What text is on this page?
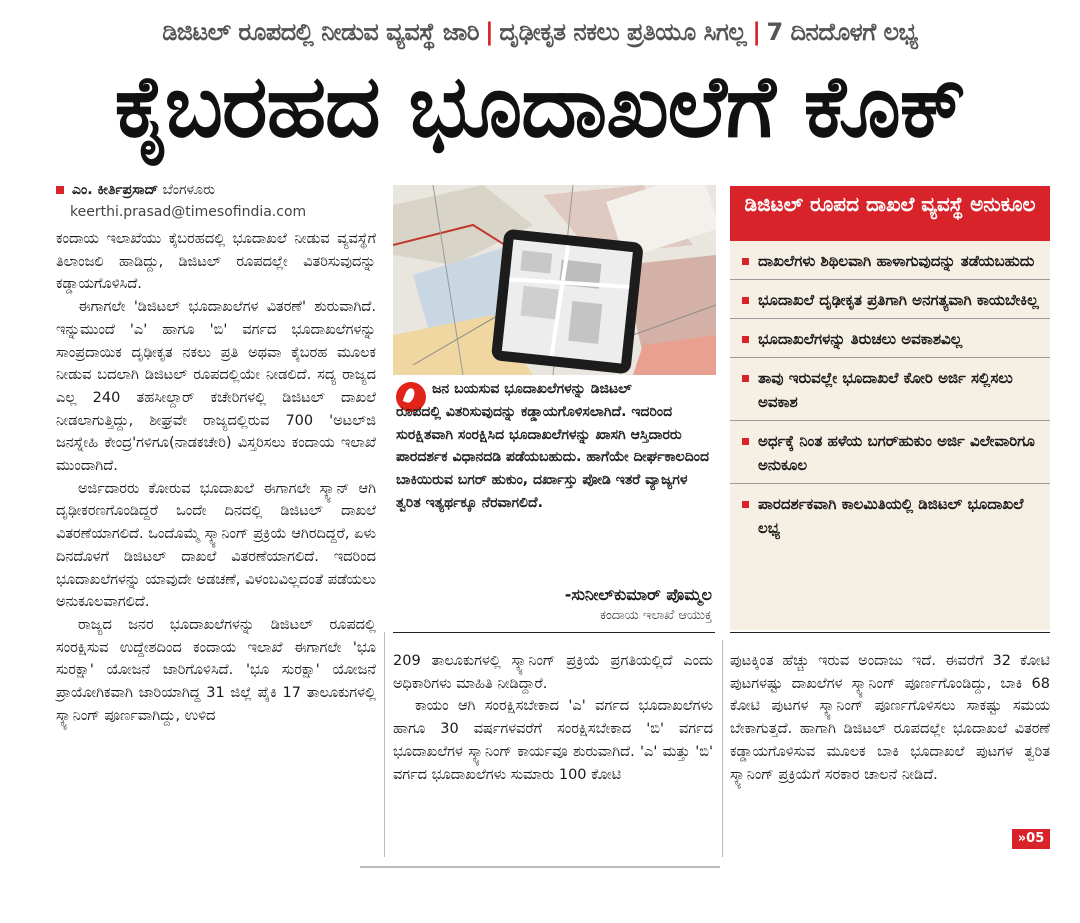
ಡಿಜಿಟಲ್ ರೂಪದಲ್ಲಿ ನೀಡುವ ವ್ಯವಸ್ಥೆ ಜಾರಿ | ದೃಢೀಕೃತ ನಕಲು ಪ್ರತಿಯೂ ಸಿಗಲ್ಲ | 7 ದಿನದೊಳಗೆ ಲಭ್ಯ
ಕೈಬರಹದ ಭೂದಾಖಲೆಗೆ ಕೊಕ್
ಎಂ. ಕೀರ್ತಿಪ್ರಸಾದ್ ಬೆಂಗಳೂರು
keerthi.prasad@timesofindia.com

ಕಂದಾಯ ಇಲಾಖೆಯು ಕೈಬರಹದಲ್ಲಿ ಭೂದಾಖಲೆ ನೀಡುವ ವ್ಯವಸ್ಥೆಗೆ ತಿಲಾಂಜಲಿ ಹಾಡಿದ್ದು, ಡಿಜಿಟಲ್ ರೂಪದಲ್ಲೇ ವಿತರಿಸುವುದನ್ನು ಕಡ್ಡಾಯಗೊಳಿಸಿದೆ.

ಈಗಾಗಲೇ 'ಡಿಜಿಟಲ್ ಭೂದಾಖಲೆಗಳ ವಿತರಣೆ' ಶುರುವಾಗಿದೆ. ಇನ್ನುಮುಂದೆ 'ಎ' ಹಾಗೂ 'ಬಿ' ವರ್ಗದ ಭೂದಾಖಲೆಗಳನ್ನು ಸಾಂಪ್ರದಾಯಿಕ ದೃಢೀಕೃತ ನಕಲು ಪ್ರತಿ ಅಥವಾ ಕೈಬರಹ ಮೂಲಕ ನೀಡುವ ಬದಲಾಗಿ ಡಿಜಿಟಲ್ ರೂಪದಲ್ಲಿಯೇ ನೀಡಲಿದೆ. ಸದ್ಯ ರಾಜ್ಯದ ಎಲ್ಲ 240 ತಹಸೀಲ್ದಾರ್ ಕಚೇರಿಗಳಲ್ಲಿ ಡಿಜಿಟಲ್ ದಾಖಲೆ ನೀಡಲಾಗುತ್ತಿದ್ದು, ಶೀಘ್ರವೇ ರಾಜ್ಯದಲ್ಲಿರುವ 700 'ಅಟಲ್‌ಜಿ ಜನಸ್ನೇಹಿ ಕೇಂದ್ರ'ಗಳಿಗೂ(ನಾಡಕಚೇರಿ) ವಿಸ್ತರಿಸಲು ಕಂದಾಯ ಇಲಾಖೆ ಮುಂದಾಗಿದೆ.

ಅರ್ಜಿದಾರರು ಕೋರುವ ಭೂದಾಖಲೆ ಈಗಾಗಲೇ ಸ್ಕ್ಯಾನ್ ಆಗಿ ದೃಢೀಕರಣಗೊಂಡಿದ್ದರೆ ಒಂದೇ ದಿನದಲ್ಲಿ ಡಿಜಿಟಲ್ ದಾಖಲೆ ವಿತರಣೆಯಾಗಲಿದೆ. ಒಂದೊಮ್ಮೆ ಸ್ಕ್ಯಾನಿಂಗ್ ಪ್ರಕ್ರಿಯೆ ಆಗಿರದಿದ್ದರೆ, ಏಳು ದಿನದೊಳಗೆ ಡಿಜಿಟಲ್ ದಾಖಲೆ ವಿತರಣೆಯಾಗಲಿದೆ. ಇದರಿಂದ ಭೂದಾಖಲೆಗಳನ್ನು ಯಾವುದೇ ಅಡಚಣೆ, ವಿಳಂಬವಿಲ್ಲದಂತೆ ಪಡೆಯಲು ಅನುಕೂಲವಾಗಲಿದೆ.

ರಾಜ್ಯದ ಜನರ ಭೂದಾಖಲೆಗಳನ್ನು ಡಿಜಿಟಲ್ ರೂಪದಲ್ಲಿ ಸಂರಕ್ಷಿಸುವ ಉದ್ದೇಶದಿಂದ ಕಂದಾಯ ಇಲಾಖೆ ಈಗಾಗಲೇ 'ಭೂ ಸುರಕ್ಷಾ' ಯೋಜನೆ ಜಾರಿಗೊಳಿಸಿದೆ. 'ಭೂ ಸುರಕ್ಷಾ' ಯೋಜನೆ ಪ್ರಾಯೋಗಿಕವಾಗಿ ಜಾರಿಯಾಗಿದ್ದ 31 ಜಿಲ್ಲೆ ಪೈಕಿ 17 ತಾಲೂಕುಗಳಲ್ಲಿ ಸ್ಕ್ಯಾನಿಂಗ್ ಪೂರ್ಣವಾಗಿದ್ದು, ಉಳಿದ

ಜನ ಬಯಸುವ ಭೂದಾಖಲೆಗಳನ್ನು ಡಿಜಿಟಲ್
ರೂಪದಲ್ಲಿ ವಿತರಿಸುವುದನ್ನು ಕಡ್ಡಾಯಗೊಳಿಸಲಾಗಿದೆ. ಇದರಿಂದ ಸುರಕ್ಷಿತವಾಗಿ ಸಂರಕ್ಷಿಸಿದ ಭೂದಾಖಲೆಗಳನ್ನು ಖಾಸಗಿ ಆಸ್ತಿದಾರರು ಪಾರದರ್ಶಕ ವಿಧಾನದಡಿ ಪಡೆಯಬಹುದು. ಹಾಗೆಯೇ ದೀರ್ಘಕಾಲದಿಂದ ಬಾಕಿಯಿರುವ ಬಗರ್ ಹುಕುಂ, ದರ್ಖಾಸ್ತು ಪೋಡಿ ಇತರೆ ವ್ಯಾಜ್ಯಗಳ ತ್ವರಿತ ಇತ್ಯರ್ಥಕ್ಕೂ ನೆರವಾಗಲಿದೆ.
-ಸುನೀಲ್‌ಕುಮಾರ್ ಪೊಮ್ಮಲ
ಕಂದಾಯ ಇಲಾಖೆ ಆಯುಕ್ತ
ಡಿಜಿಟಲ್ ರೂಪದ ದಾಖಲೆ ವ್ಯವಸ್ಥೆ ಅನುಕೂಲ
ದಾಖಲೆಗಳು ಶಿಥಿಲವಾಗಿ ಹಾಳಾಗುವುದನ್ನು ತಡೆಯಬಹುದು
ಭೂದಾಖಲೆ ದೃಢೀಕೃತ ಪ್ರತಿಗಾಗಿ ಅನಗತ್ಯವಾಗಿ ಕಾಯಬೇಕಿಲ್ಲ
ಭೂದಾಖಲೆಗಳನ್ನು ತಿರುಚಲು ಅವಕಾಶವಿಲ್ಲ
ತಾವು ಇರುವಲ್ಲೇ ಭೂದಾಖಲೆ ಕೋರಿ ಅರ್ಜಿ ಸಲ್ಲಿಸಲು ಅವಕಾಶ
ಅರ್ಧಕ್ಕೆ ನಿಂತ ಹಳೆಯ ಬಗರ್‌ಹುಕುಂ ಅರ್ಜಿ ವಿಲೇವಾರಿಗೂ ಅನುಕೂಲ
ಪಾರದರ್ಶಕವಾಗಿ ಕಾಲಮಿತಿಯಲ್ಲಿ ಡಿಜಿಟಲ್ ಭೂದಾಖಲೆ ಲಭ್ಯ

209 ತಾಲೂಕುಗಳಲ್ಲಿ ಸ್ಕ್ಯಾನಿಂಗ್ ಪ್ರಕ್ರಿಯೆ ಪ್ರಗತಿಯಲ್ಲಿದೆ ಎಂದು ಅಧಿಕಾರಿಗಳು ಮಾಹಿತಿ ನೀಡಿದ್ದಾರೆ.

ಕಾಯಂ ಆಗಿ ಸಂರಕ್ಷಿಸಬೇಕಾದ 'ಎ' ವರ್ಗದ ಭೂದಾಖಲೆಗಳು ಹಾಗೂ 30 ವರ್ಷಗಳವರೆಗೆ ಸಂರಕ್ಷಿಸಬೇಕಾದ 'ಬಿ' ವರ್ಗದ ಭೂದಾಖಲೆಗಳ ಸ್ಕ್ಯಾನಿಂಗ್ ಕಾರ್ಯವೂ ಶುರುವಾಗಿದೆ. 'ಎ' ಮತ್ತು 'ಬಿ' ವರ್ಗದ ಭೂದಾಖಲೆಗಳು ಸುಮಾರು 100 ಕೋಟಿ

ಪುಟಕ್ಕಿಂತ ಹೆಚ್ಚು ಇರುವ ಅಂದಾಜು ಇದೆ. ಈವರೆಗೆ 32 ಕೋಟಿ ಪುಟಗಳಷ್ಟು ದಾಖಲೆಗಳ ಸ್ಕ್ಯಾನಿಂಗ್ ಪೂರ್ಣಗೊಂಡಿದ್ದು, ಬಾಕಿ 68 ಕೋಟಿ ಪುಟಗಳ ಸ್ಕ್ಯಾನಿಂಗ್ ಪೂರ್ಣಗೊಳಿಸಲು ಸಾಕಷ್ಟು ಸಮಯ ಬೇಕಾಗುತ್ತದೆ. ಹಾಗಾಗಿ ಡಿಜಿಟಲ್ ರೂಪದಲ್ಲೇ ಭೂದಾಖಲೆ ವಿತರಣೆ ಕಡ್ಡಾಯಗೊಳಿಸುವ ಮೂಲಕ ಬಾಕಿ ಭೂದಾಖಲೆ ಪುಟಗಳ ತ್ವರಿತ ಸ್ಕ್ಯಾನಿಂಗ್ ಪ್ರಕ್ರಿಯೆಗೆ ಸರಕಾರ ಚಾಲನೆ ನೀಡಿದೆ.

»05
